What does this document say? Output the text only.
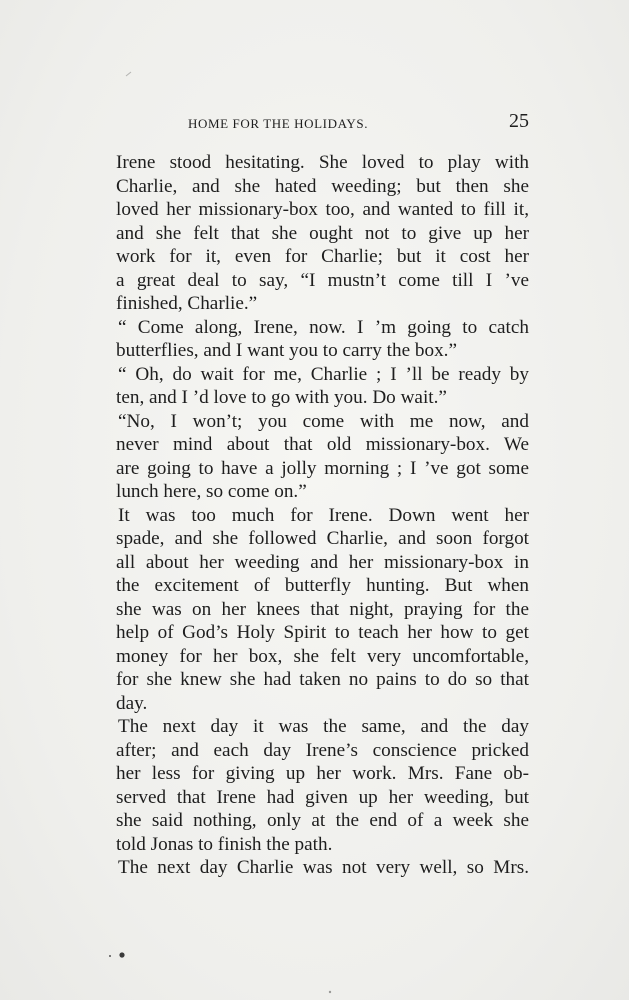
HOME FOR THE HOLIDAYS.	25
Irene stood hesitating. She loved to play with
Charlie, and she hated weeding; but then she
loved her missionary-box too, and wanted to fill it,
and she felt that she ought not to give up her
work for it, even for Charlie; but it cost her
a great deal to say, “I mustn’t come till I ’ve
finished, Charlie.”
“ Come along, Irene, now. I ’m going to catch
butterflies, and I want you to carry the box.”
“ Oh, do wait for me, Charlie ; I ’ll be ready by
ten, and I ’d love to go with you. Do wait.”
“No, I won’t; you come with me now, and
never mind about that old missionary-box. We
are going to have a jolly morning ; I ’ve got some
lunch here, so come on.”
It was too much for Irene. Down went her
spade, and she followed Charlie, and soon forgot
all about her weeding and her missionary-box in
the excitement of butterfly hunting. But when
she was on her knees that night, praying for the
help of God’s Holy Spirit to teach her how to get
money for her box, she felt very uncomfortable,
for she knew she had taken no pains to do so that
day.
The next day it was the same, and the day
after; and each day Irene’s conscience pricked
her less for giving up her work. Mrs. Fane ob-
served that Irene had given up her weeding, but
she said nothing, only at the end of a week she
told Jonas to finish the path.
The next day Charlie was not very well, so Mrs.
